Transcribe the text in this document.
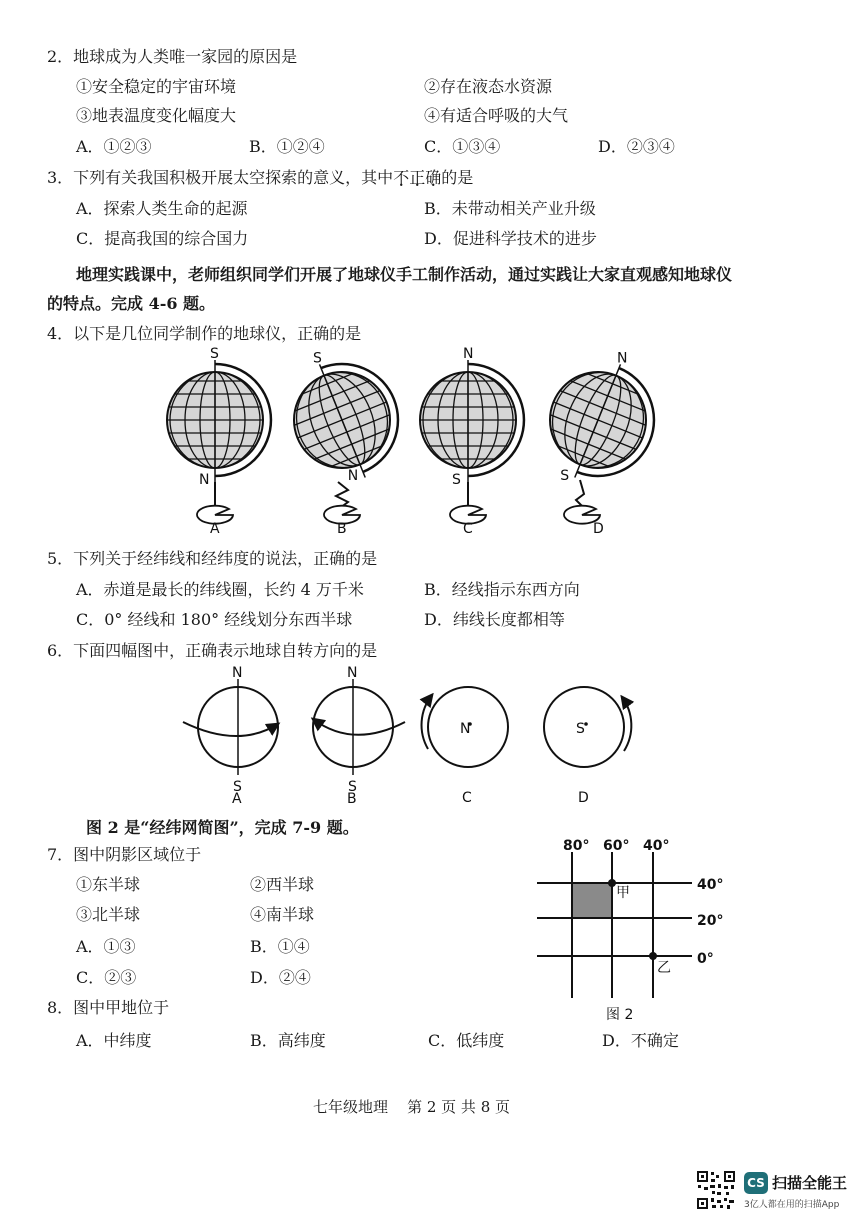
2．地球成为人类唯一家园的原因是
①安全稳定的宇宙环境	②存在液态水资源
③地表温度变化幅度大	④有适合呼吸的大气
A．①②③	B．①②④	C．①③④	D．②③④
3．下列有关我国积极开展太空探索的意义，其中不正确的是
A．探索人类生命的起源	B．未带动相关产业升级
C．提高我国的综合国力	D．促进科学技术的进步
地理实践课中，老师组织同学们开展了地球仪手工制作活动，通过实践让大家直观感知地球仪
的特点。完成 4-6 题。
4．以下是几位同学制作的地球仪，正确的是
S
N
A
S
N
B
N
S
C
N
S
D
5．下列关于经纬线和经纬度的说法，正确的是
A．赤道是最长的纬线圈，长约 4 万千米	B．经线指示东西方向
C．0° 经线和 180° 经线划分东西半球	D．纬线长度都相等
6．下面四幅图中，正确表示地球自转方向的是
N
S
A
N
S
B
N
C
S
D
图 2 是“经纬网简图”，完成 7-9 题。
7．图中阴影区域位于
①东半球	②西半球
③北半球	④南半球
A．①③	B．①④
C．②③	D．②④
80° 60° 40°
40°
20°
0°
甲
乙
图 2
8．图中甲地位于
A．中纬度	B．高纬度	C．低纬度	D．不确定
七年级地理    第 2 页 共 8 页
CS 扫描全能王
3亿人都在用的扫描App
